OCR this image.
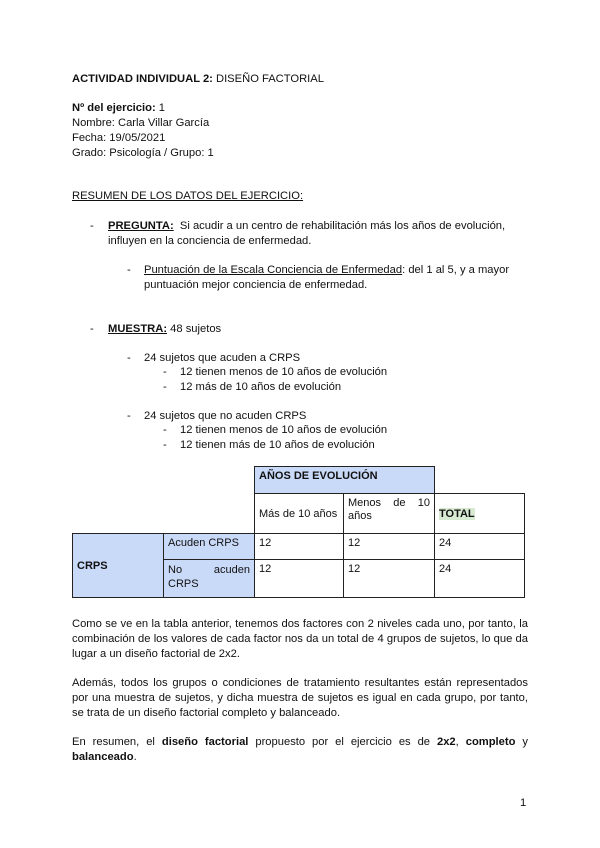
ACTIVIDAD INDIVIDUAL 2: DISEÑO FACTORIAL
Nº del ejercicio: 1
Nombre: Carla Villar García
Fecha: 19/05/2021
Grado: Psicología / Grupo: 1
RESUMEN DE LOS DATOS DEL EJERCICIO:
- PREGUNTA: Si acudir a un centro de rehabilitación más los años de evolución,
influyen en la conciencia de enfermedad.
- Puntuación de la Escala Conciencia de Enfermedad: del 1 al 5, y a mayor
puntuación mejor conciencia de enfermedad.
- MUESTRA: 48 sujetos
- 24 sujetos que acuden a CRPS
- 12 tienen menos de 10 años de evolución
- 12 más de 10 años de evolución
- 24 sujetos que no acuden CRPS
- 12 tienen menos de 10 años de evolución
- 12 tienen más de 10 años de evolución
		AÑOS DE EVOLUCIÓN		
		Más de 10 años	Menos de 10 años	TOTAL
CRPS	Acuden CRPS	12	12	24
	No acuden CRPS	12	12	24
Como se ve en la tabla anterior, tenemos dos factores con 2 niveles cada uno, por tanto, la combinación de los valores de cada factor nos da un total de 4 grupos de sujetos, lo que da lugar a un diseño factorial de 2x2.
Además, todos los grupos o condiciones de tratamiento resultantes están representados por una muestra de sujetos, y dicha muestra de sujetos es igual en cada grupo, por tanto, se trata de un diseño factorial completo y balanceado.
En resumen, el diseño factorial propuesto por el ejercicio es de 2x2, completo y balanceado.
1
